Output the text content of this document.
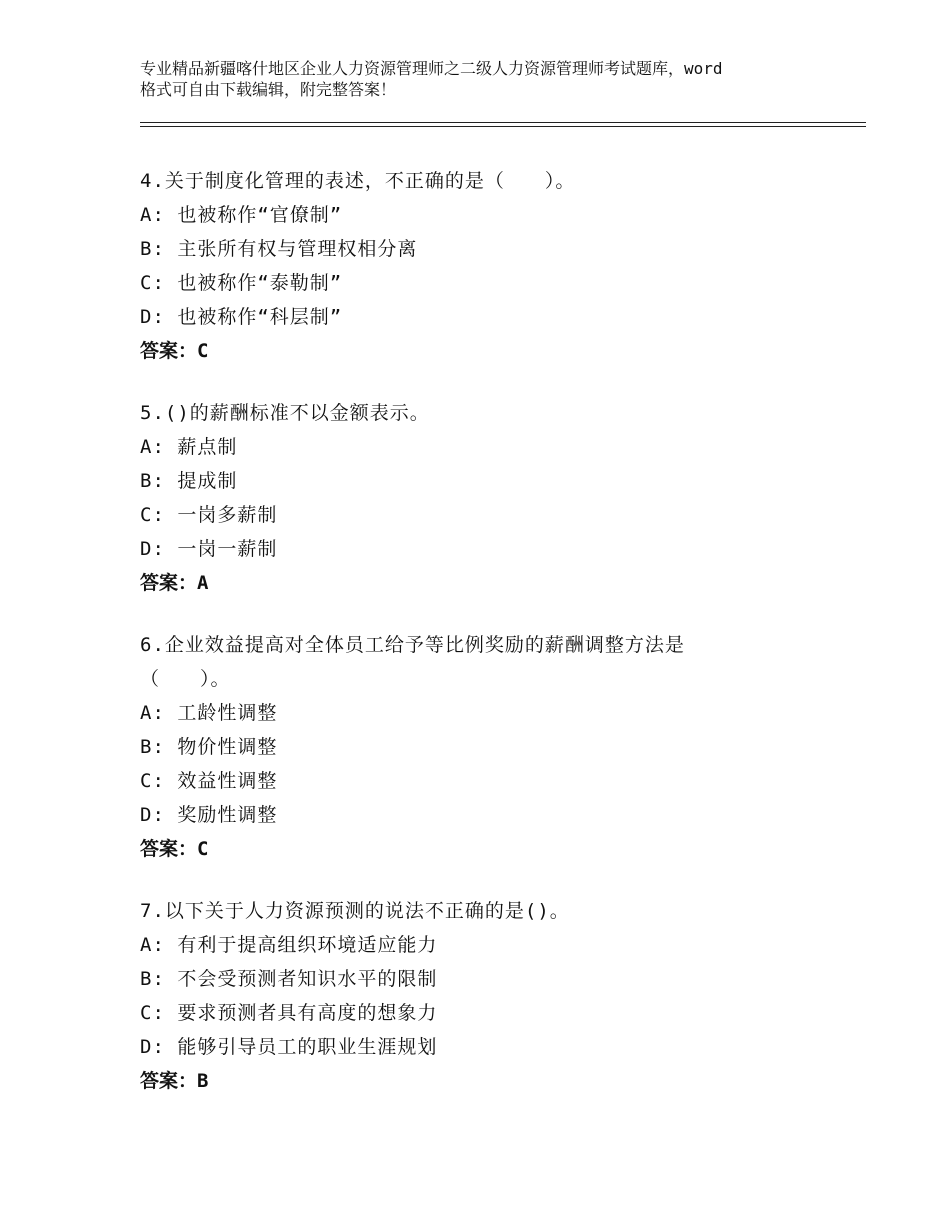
专业精品新疆喀什地区企业人力资源管理师之二级人力资源管理师考试题库，word
格式可自由下载编辑，附完整答案！
4.关于制度化管理的表述，不正确的是（　　）。
A: 也被称作“官僚制”
B: 主张所有权与管理权相分离
C: 也被称作“泰勒制”
D: 也被称作“科层制”
答案：C
5.()的薪酬标准不以金额表示。
A: 薪点制
B: 提成制
C: 一岗多薪制
D: 一岗一薪制
答案：A
6.企业效益提高对全体员工给予等比例奖励的薪酬调整方法是
（　　）。
A: 工龄性调整
B: 物价性调整
C: 效益性调整
D: 奖励性调整
答案：C
7.以下关于人力资源预测的说法不正确的是()。
A: 有利于提高组织环境适应能力
B: 不会受预测者知识水平的限制
C: 要求预测者具有高度的想象力
D: 能够引导员工的职业生涯规划
答案：B
